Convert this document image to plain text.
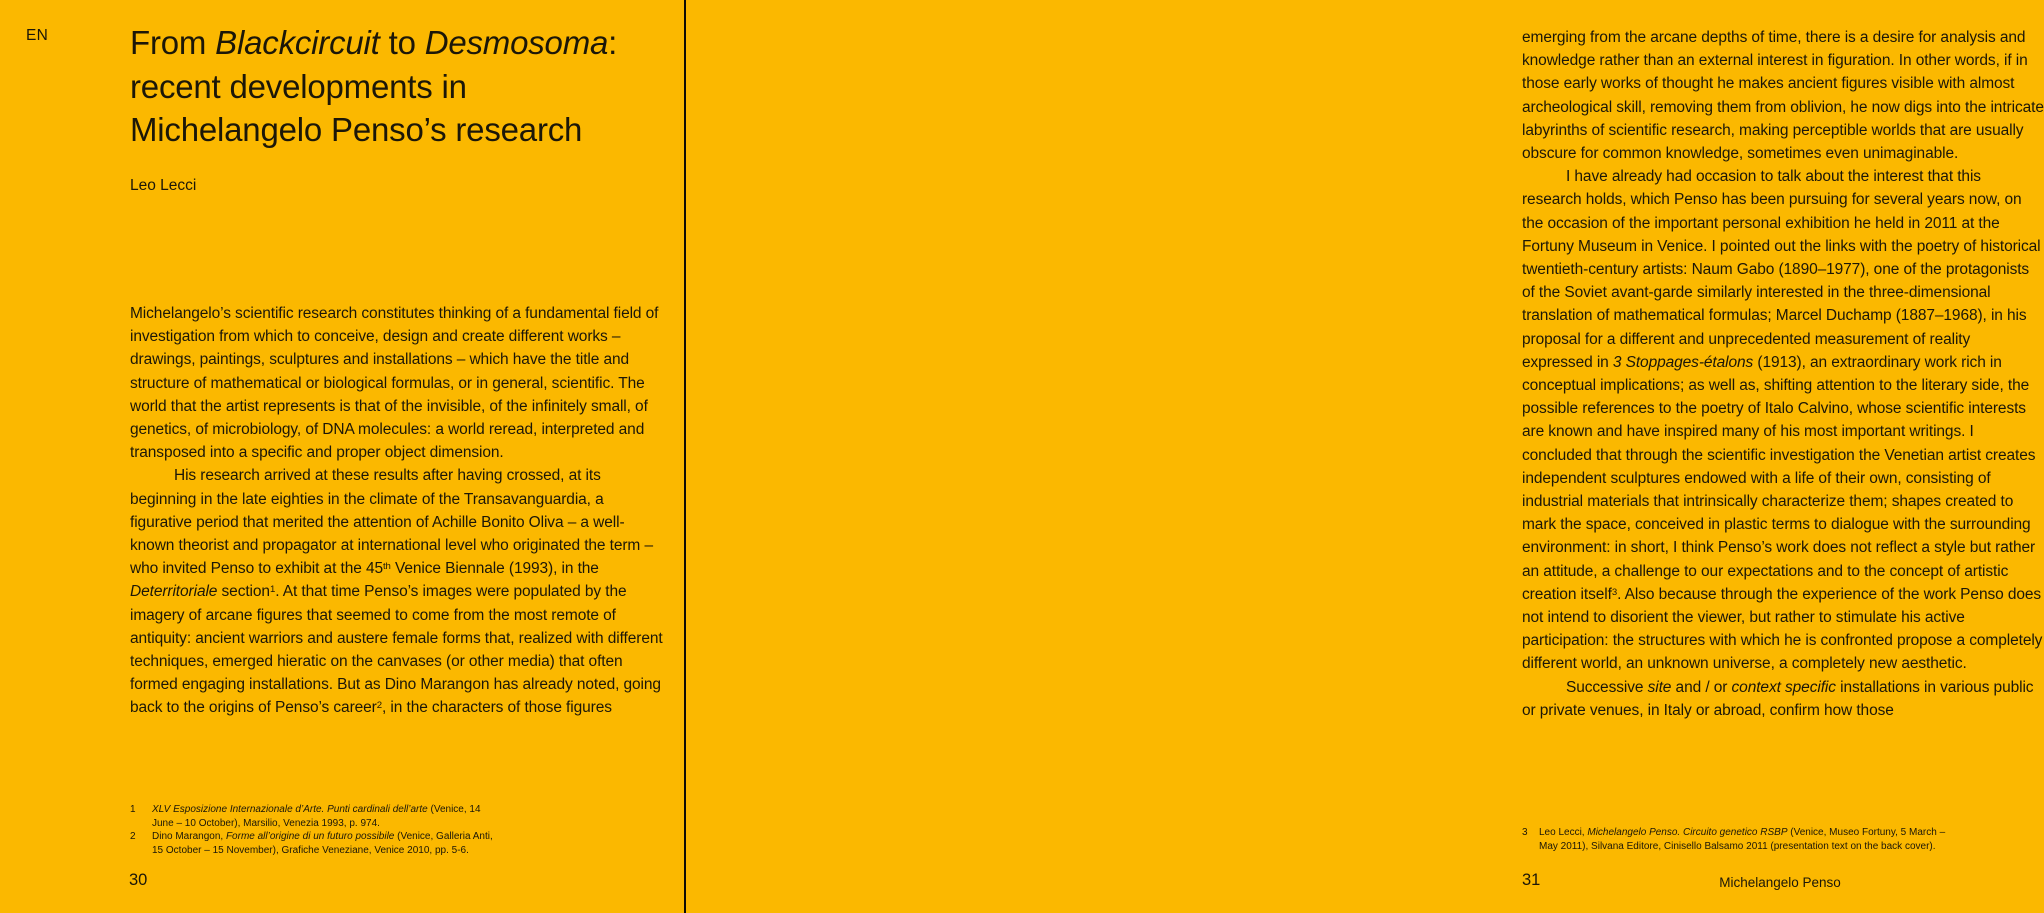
EN From Blackcircuit to Desmosoma:
recent developments in
Michelangelo Penso’s research
Leo Lecci

Michelangelo’s scientific research constitutes thinking of a fundamental field of investigation from which to conceive, design and create different works – drawings, paintings, sculptures and installations – which have the title and structure of mathematical or biological formulas, or in general, scientific. The world that the artist represents is that of the invisible, of the infinitely small, of genetics, of microbiology, of DNA molecules: a world reread, interpreted and transposed into a specific and proper object dimension.

His research arrived at these results after having crossed, at its beginning in the late eighties in the climate of the Transavanguardia, a figurative period that merited the attention of Achille Bonito Oliva – a well-known theorist and propagator at international level who originated the term – who invited Penso to exhibit at the 45th Venice Biennale (1993), in the Deterritoriale section$^1$. At that time Penso’s images were populated by the imagery of arcane figures that seemed to come from the most remote of antiquity: ancient warriors and austere female forms that, realized with different techniques, emerged hieratic on the canvases (or other media) that often formed engaging installations. But as Dino Marangon has already noted, going back to the origins of Penso’s career$^2$, in the characters of those figures

1	XLV Esposizione Internazionale d’Arte. Punti cardinali dell’arte (Venice, 14 June – 10 October), Marsilio, Venezia 1993, p. 974.
2	Dino Marangon, Forme all’origine di un futuro possibile (Venice, Galleria Anti, 15 October – 15 November), Grafiche Veneziane, Venice 2010, pp. 5-6.
30

emerging from the arcane depths of time, there is a desire for analysis and knowledge rather than an external interest in figuration. In other words, if in those early works of thought he makes ancient figures visible with almost archeological skill, removing them from oblivion, he now digs into the intricate labyrinths of scientific research, making perceptible worlds that are usually obscure for common knowledge, sometimes even unimaginable.

I have already had occasion to talk about the interest that this research holds, which Penso has been pursuing for several years now, on the occasion of the important personal exhibition he held in 2011 at the Fortuny Museum in Venice. I pointed out the links with the poetry of historical twentieth-century artists: Naum Gabo (1890–1977), one of the protagonists of the Soviet avant-garde similarly interested in the three-dimensional translation of mathematical formulas; Marcel Duchamp (1887–1968), in his proposal for a different and unprecedented measurement of reality expressed in 3 Stoppages-étalons (1913), an extraordinary work rich in conceptual implications; as well as, shifting attention to the literary side, the possible references to the poetry of Italo Calvino, whose scientific interests are known and have inspired many of his most important writings. I concluded that through the scientific investigation the Venetian artist creates independent sculptures endowed with a life of their own, consisting of industrial materials that intrinsically characterize them; shapes created to mark the space, conceived in plastic terms to dialogue with the surrounding environment: in short, I think Penso’s work does not reflect a style but rather an attitude, a challenge to our expectations and to the concept of artistic creation itself$^3$. Also because through the experience of the work Penso does not intend to disorient the viewer, but rather to stimulate his active participation: the structures with which he is confronted propose a completely different world, an unknown universe, a completely new aesthetic.

Successive site and / or context specific installations in various public or private venues, in Italy or abroad, confirm how those

3	Leo Lecci, Michelangelo Penso. Circuito genetico RSBP (Venice, Museo Fortuny, 5 March – May 2011), Silvana Editore, Cinisello Balsamo 2011 (presentation text on the back cover).
31	Michelangelo Penso
